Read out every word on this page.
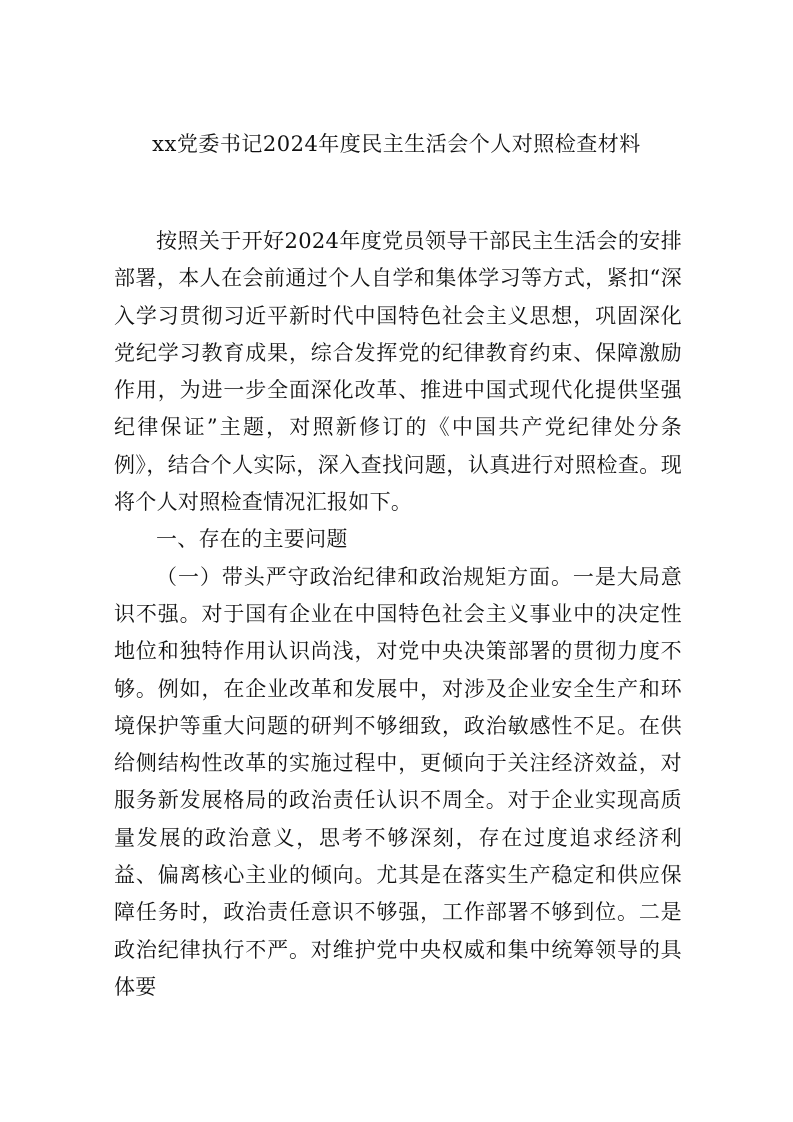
xx党委书记2024年度民主生活会个人对照检查材料

按照关于开好2024年度党员领导干部民主生活会的安排部署，本人在会前通过个人自学和集体学习等方式，紧扣“深入学习贯彻习近平新时代中国特色社会主义思想，巩固深化党纪学习教育成果，综合发挥党的纪律教育约束、保障激励作用，为进一步全面深化改革、推进中国式现代化提供坚强纪律保证”主题，对照新修订的《中国共产党纪律处分条例》，结合个人实际，深入查找问题，认真进行对照检查。现将个人对照检查情况汇报如下。

一、存在的主要问题

（一）带头严守政治纪律和政治规矩方面。一是大局意识不强。对于国有企业在中国特色社会主义事业中的决定性地位和独特作用认识尚浅，对党中央决策部署的贯彻力度不够。例如，在企业改革和发展中，对涉及企业安全生产和环境保护等重大问题的研判不够细致，政治敏感性不足。在供给侧结构性改革的实施过程中，更倾向于关注经济效益，对服务新发展格局的政治责任认识不周全。对于企业实现高质量发展的政治意义，思考不够深刻，存在过度追求经济利益、偏离核心主业的倾向。尤其是在落实生产稳定和供应保障任务时，政治责任意识不够强，工作部署不够到位。二是政治纪律执行不严。对维护党中央权威和集中统筹领导的具体要
